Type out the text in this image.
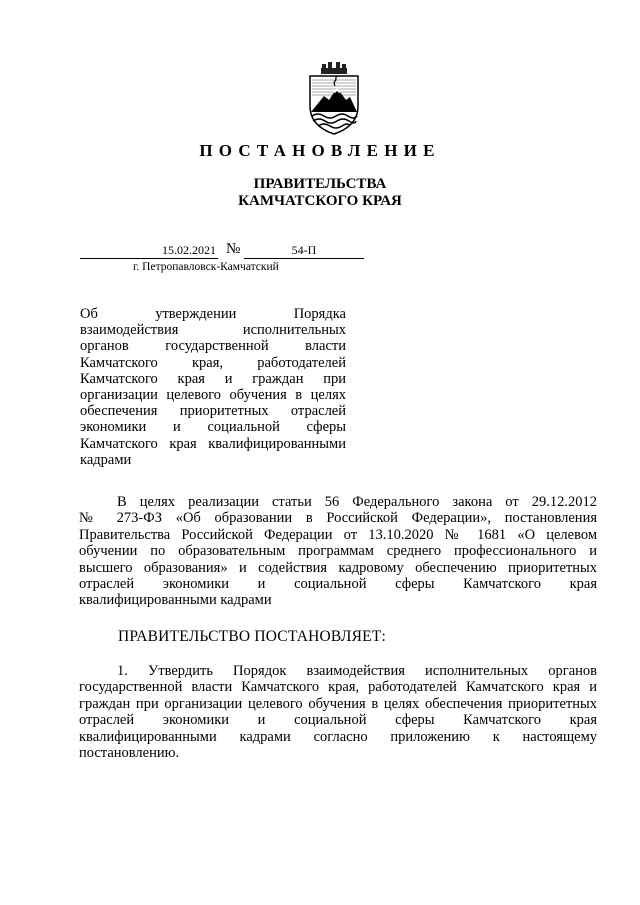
ПОСТАНОВЛЕНИЕ
ПРАВИТЕЛЬСТВА
КАМЧАТСКОГО КРАЯ
15.02.2021 №	54-П
г. Петропавловск-Камчатский

Об утверждении Порядка

взаимодействия исполнительных

органов государственной власти

Камчатского края, работодателей

Камчатского края и граждан при

организации целевого обучения в целях

обеспечения приоритетных отраслей

экономики и социальной сферы

Камчатского края квалифицированными

кадрами

В целях реализации статьи 56 Федерального закона от 29.12.2012

№ 273-ФЗ «Об образовании в Российской Федерации», постановления

Правительства Российской Федерации от 13.10.2020 № 1681 «О целевом

обучении по образовательным программам среднего профессионального и

высшего образования» и содействия кадровому обеспечению приоритетных

отраслей экономики и социальной сферы Камчатского края

квалифицированными кадрами

ПРАВИТЕЛЬСТВО ПОСТАНОВЛЯЕТ:

1. Утвердить Порядок взаимодействия исполнительных органов

государственной власти Камчатского края, работодателей Камчатского края и

граждан при организации целевого обучения в целях обеспечения приоритетных

отраслей экономики и социальной сферы Камчатского края

квалифицированными кадрами согласно приложению к настоящему

постановлению.
